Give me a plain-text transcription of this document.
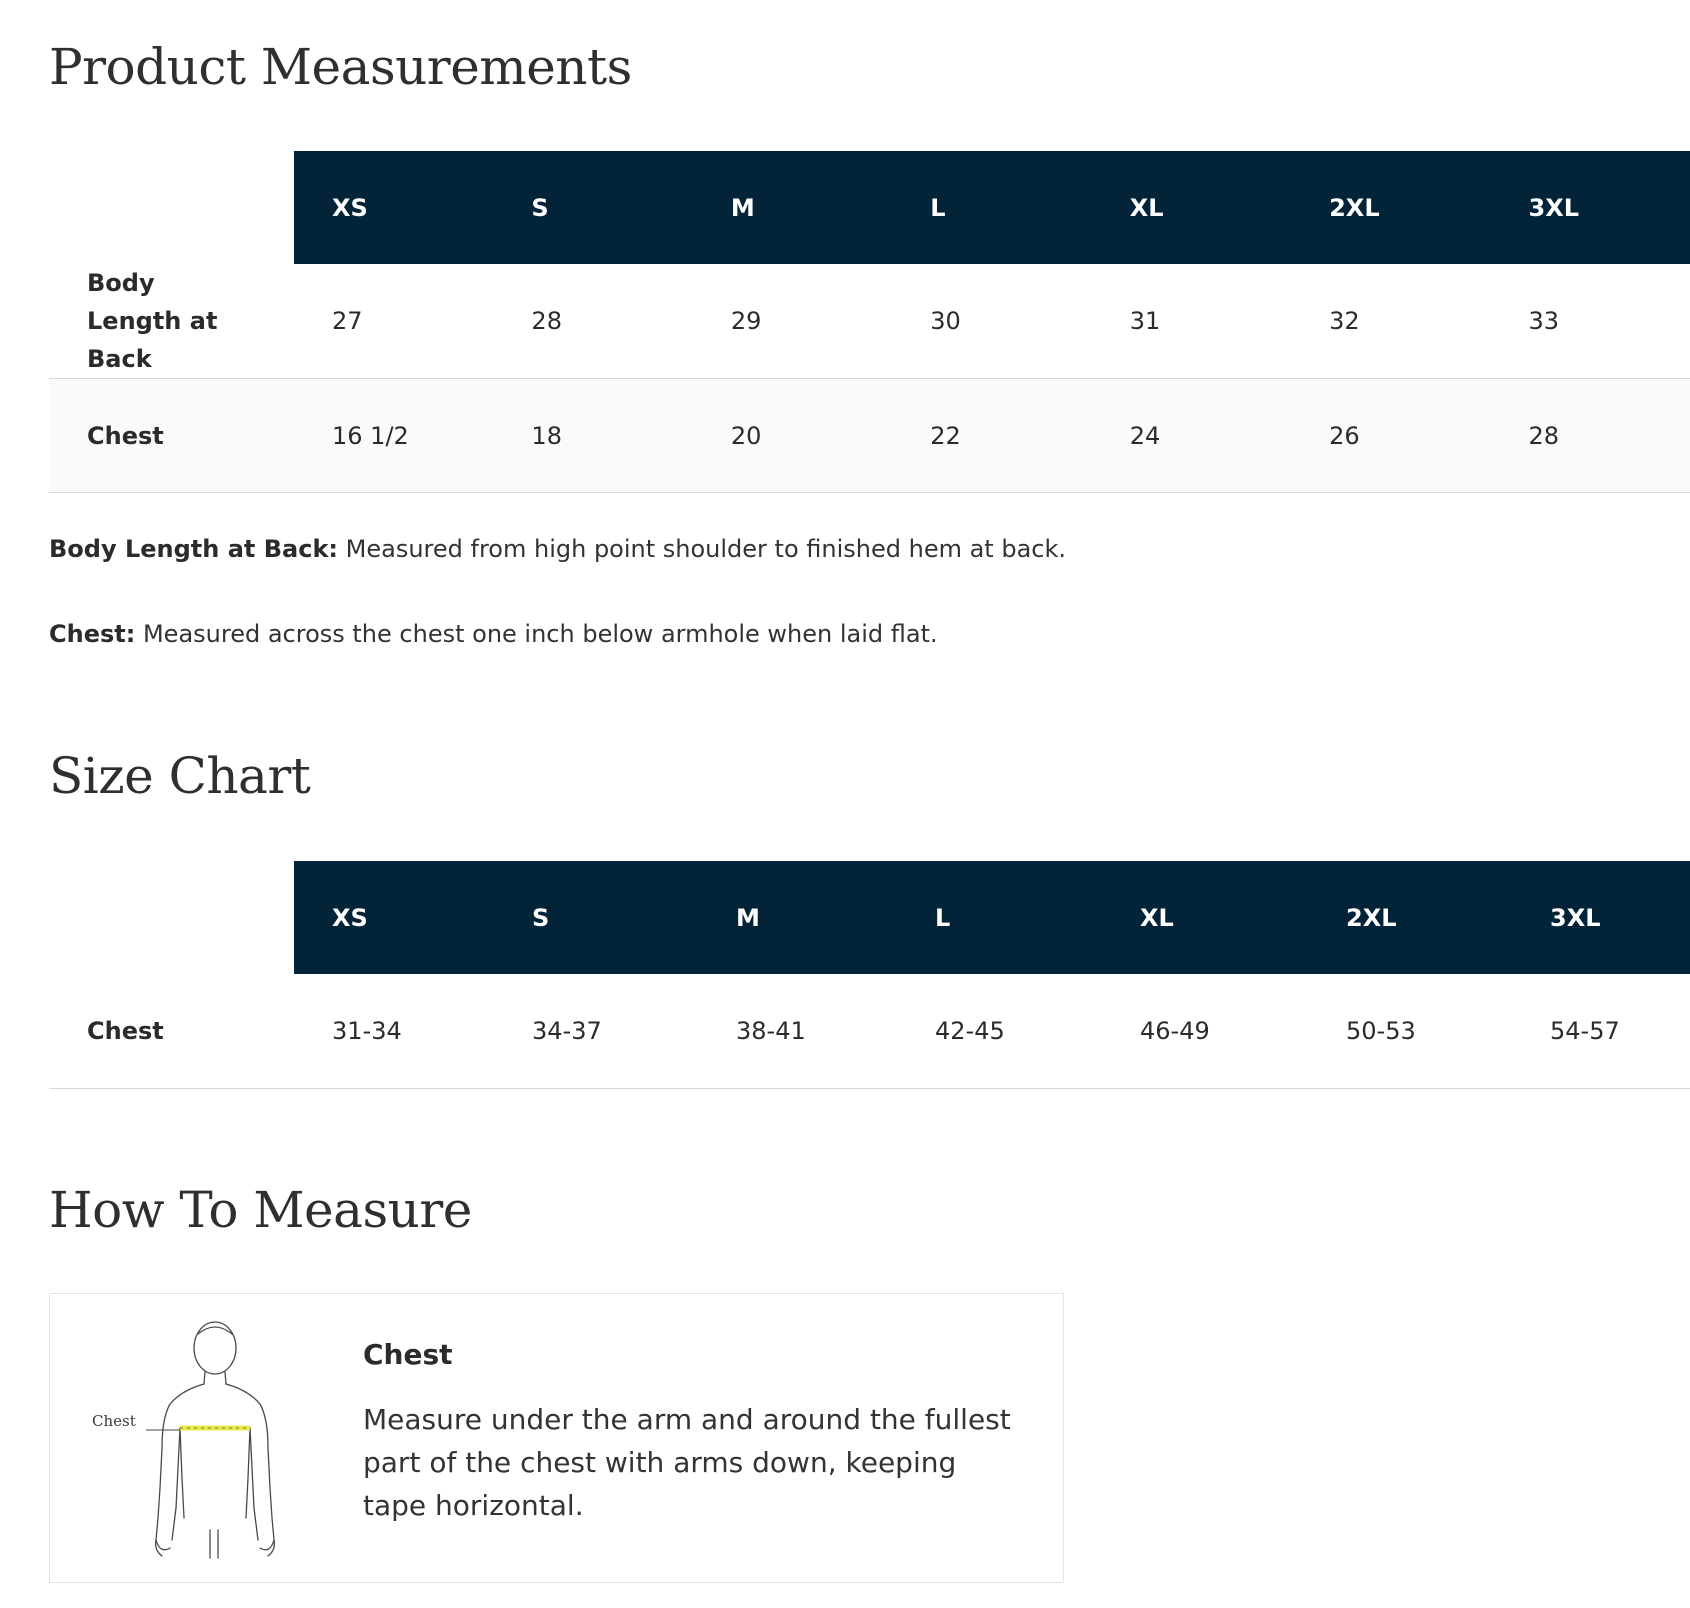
Product Measurements
	XS	S	M	L	XL	2XL	3XL

Body Length at Back	27	28	29	30	31	32	33
Chest	16 1/2	18	20	22	24	26	28

Body Length at Back: Measured from high point shoulder to finished hem at back.

Chest: Measured across the chest one inch below armhole when laid flat.

Size Chart
	XS	S	M	L	XL	2XL	3XL
Chest	31-34	34-37	38-41	42-45	46-49	50-53	54-57
How To Measure
Chest

Chest

Measure under the arm and around the fullest part of the chest with arms down, keeping tape horizontal.
